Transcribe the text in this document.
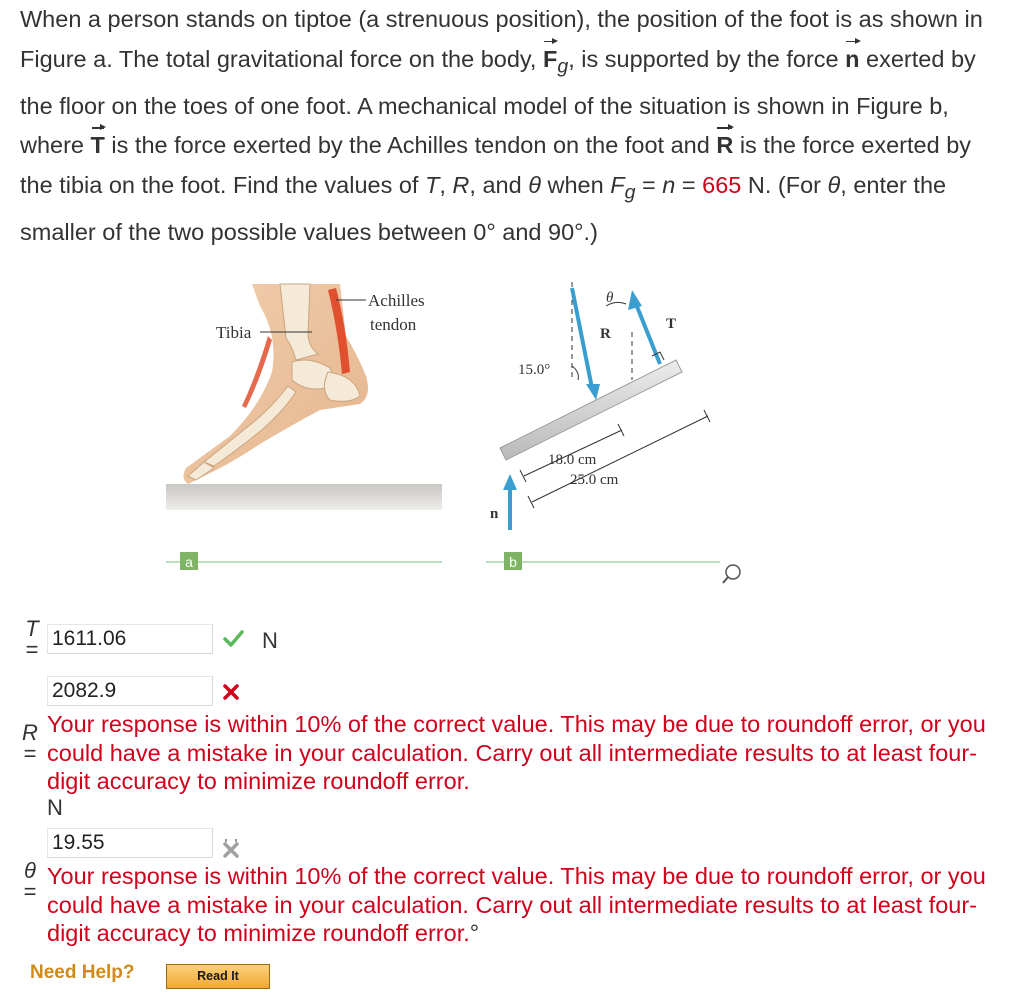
When a person stands on tiptoe (a strenuous position), the position of the foot is as shown in Figure a. The total gravitational force on the body, $F_g$, is supported by the force n exerted by the floor on the toes of one foot. A mechanical model of the situation is shown in Figure b, where T is the force exerted by the Achilles tendon on the foot and R is the force exerted by the tibia on the foot. Find the values of T, R, and θ when $F_g = n = 665$ N. (For θ, enter the smaller of the two possible values between 0° and 90°.)
Tibia
Achilles
tendon
a
15.0°
R
θ
T
n
18.0 cm
25.0 cm
b
T
=
1611.06	N
2082.9
R
=
Your response is within 10% of the correct value. This may be due to roundoff error, or you could have a mistake in your calculation. Carry out all intermediate results to at least four-digit accuracy to minimize roundoff error.
N
19.55
θ
=
Your response is within 10% of the correct value. This may be due to roundoff error, or you could have a mistake in your calculation. Carry out all intermediate results to at least four-digit accuracy to minimize roundoff error.°
Need Help?	Read It
